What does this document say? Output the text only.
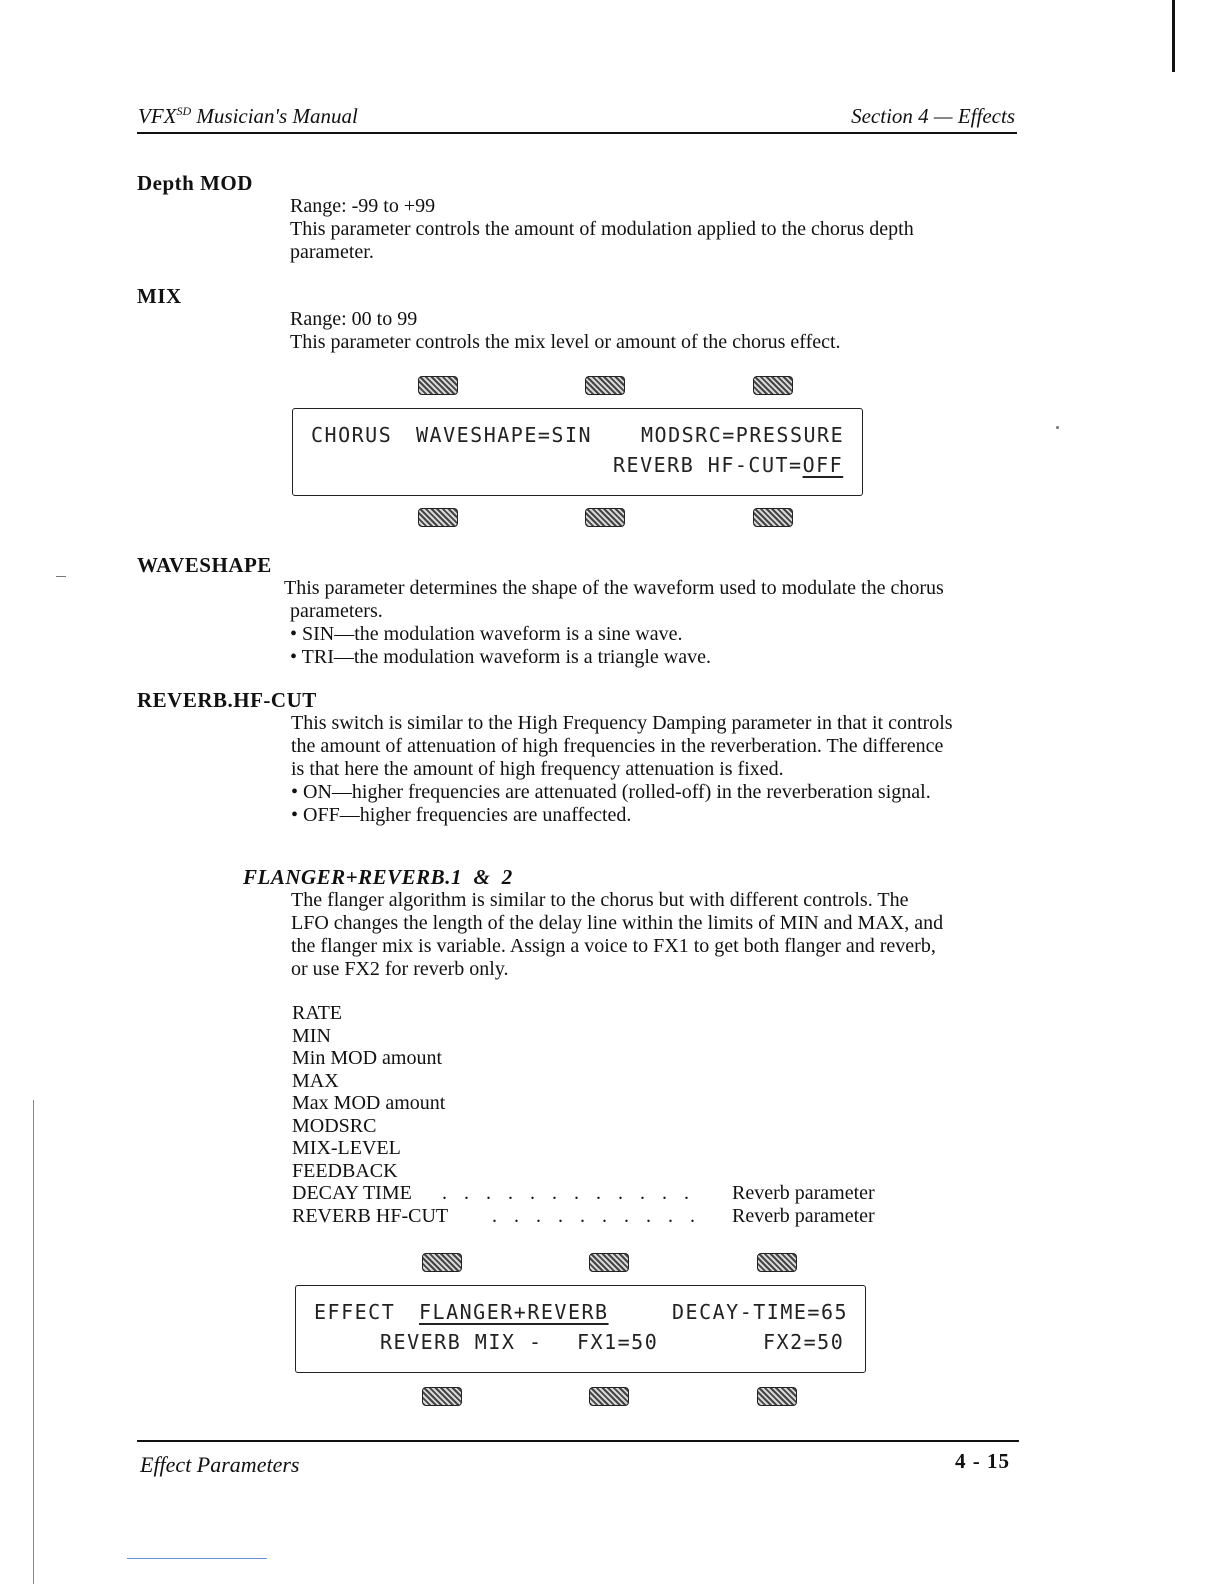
$VFX^{SD}$ Musician's Manual	Section 4 — Effects
Depth MOD

Range: -99 to +99

This parameter controls the amount of modulation applied to the chorus depth

parameter.

MIX

Range: 00 to 99

This parameter controls the mix level or amount of the chorus effect.

CHORUS WAVESHAPE=SIN MODSRC=PRESSURE
REVERB HF-CUT=OFF
WAVESHAPE

This parameter determines the shape of the waveform used to modulate the chorus

parameters.

• SIN—the modulation waveform is a sine wave.

• TRI—the modulation waveform is a triangle wave.

REVERB.HF-CUT

This switch is similar to the High Frequency Damping parameter in that it controls

the amount of attenuation of high frequencies in the reverberation. The difference

is that here the amount of high frequency attenuation is fixed.

• ON—higher frequencies are attenuated (rolled-off) in the reverberation signal.

• OFF—higher frequencies are unaffected.

FLANGER+REVERB.1  &  2

The flanger algorithm is similar to the chorus but with different controls. The

LFO changes the length of the delay line within the limits of MIN and MAX, and

the flanger mix is variable. Assign a voice to FX1 to get both flanger and reverb,

or use FX2 for reverb only.

RATE
MIN
Min MOD amount
MAX
Max MOD amount
MODSRC
MIX-LEVEL
FEEDBACK
DECAY TIME . . . . . . . . . . . . Reverb parameter
REVERB HF-CUT . . . . . . . . . . Reverb parameter
EFFECT FLANGER+REVERB	DECAY-TIME=65
REVERB MIX - FX1=50	FX2=50
Effect Parameters	4 - 15
